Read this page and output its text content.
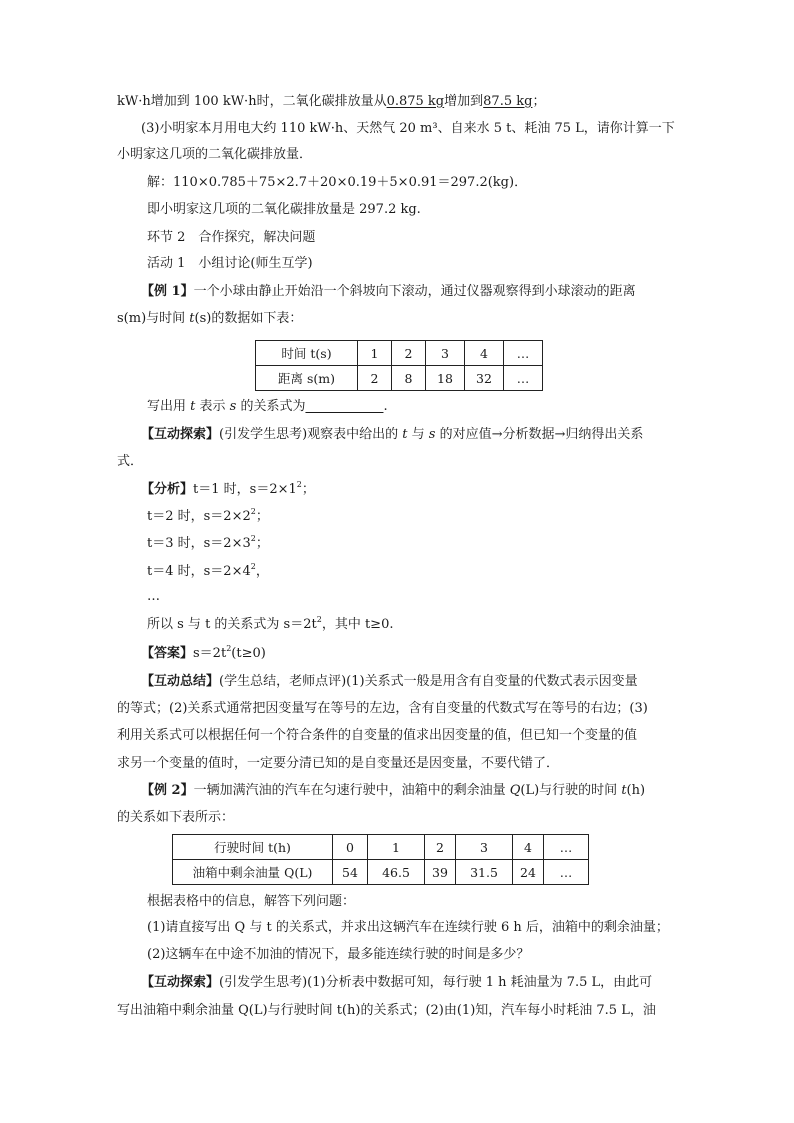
kW·h增加到 100 kW·h时，二氧化碳排放量从0.875 kg增加到87.5 kg；
(3)小明家本月用电大约 110 kW·h、天然气 20 m³、自来水 5 t、耗油 75 L，请你计算一下
小明家这几项的二氧化碳排放量．
解：110×0.785＋75×2.7＋20×0.19＋5×0.91＝297.2(kg)．
即小明家这几项的二氧化碳排放量是 297.2 kg.
环节 2　合作探究，解决问题
活动 1　小组讨论(师生互学)
【例 1】一个小球由静止开始沿一个斜坡向下滚动，通过仪器观察得到小球滚动的距离
s(m)与时间 t(s)的数据如下表：
时间 t(s)	1	2	3	4	…
距离 s(m)	2	8	18	32	…
写出用 t 表示 s 的关系式为　　　　　　	.
【互动探索】(引发学生思考)观察表中给出的 t 与 s 的对应值→分析数据→归纳得出关系
式．
【分析】t＝1 时，$s=2\times 1^2$；
t＝2 时，$s=2\times 2^2$；
t＝3 时，$s=2\times 3^2$；
t＝4 时，$s=2\times 4^2$，
…
所以 s 与 t 的关系式为 $s=2t^2$，其中 t≥0.
【答案】$s=2t^2(t\ge 0)$
【互动总结】(学生总结，老师点评)(1)关系式一般是用含有自变量的代数式表示因变量
的等式；(2)关系式通常把因变量写在等号的左边，含有自变量的代数式写在等号的右边；(3)
利用关系式可以根据任何一个符合条件的自变量的值求出因变量的值，但已知一个变量的值
求另一个变量的值时，一定要分清已知的是自变量还是因变量，不要代错了．
【例 2】一辆加满汽油的汽车在匀速行驶中，油箱中的剩余油量 Q(L)与行驶的时间 t(h)
的关系如下表所示：
行驶时间 t(h)	0	1	2	3	4	…
油箱中剩余油量 Q(L)	54	46.5	39	31.5	24	…
根据表格中的信息，解答下列问题：
(1)请直接写出 Q 与 t 的关系式，并求出这辆汽车在连续行驶 6 h 后，油箱中的剩余油量；
(2)这辆车在中途不加油的情况下，最多能连续行驶的时间是多少？
【互动探索】(引发学生思考)(1)分析表中数据可知，每行驶 1 h 耗油量为 7.5 L，由此可
写出油箱中剩余油量 Q(L)与行驶时间 t(h)的关系式；(2)由(1)知，汽车每小时耗油 7.5 L，油
